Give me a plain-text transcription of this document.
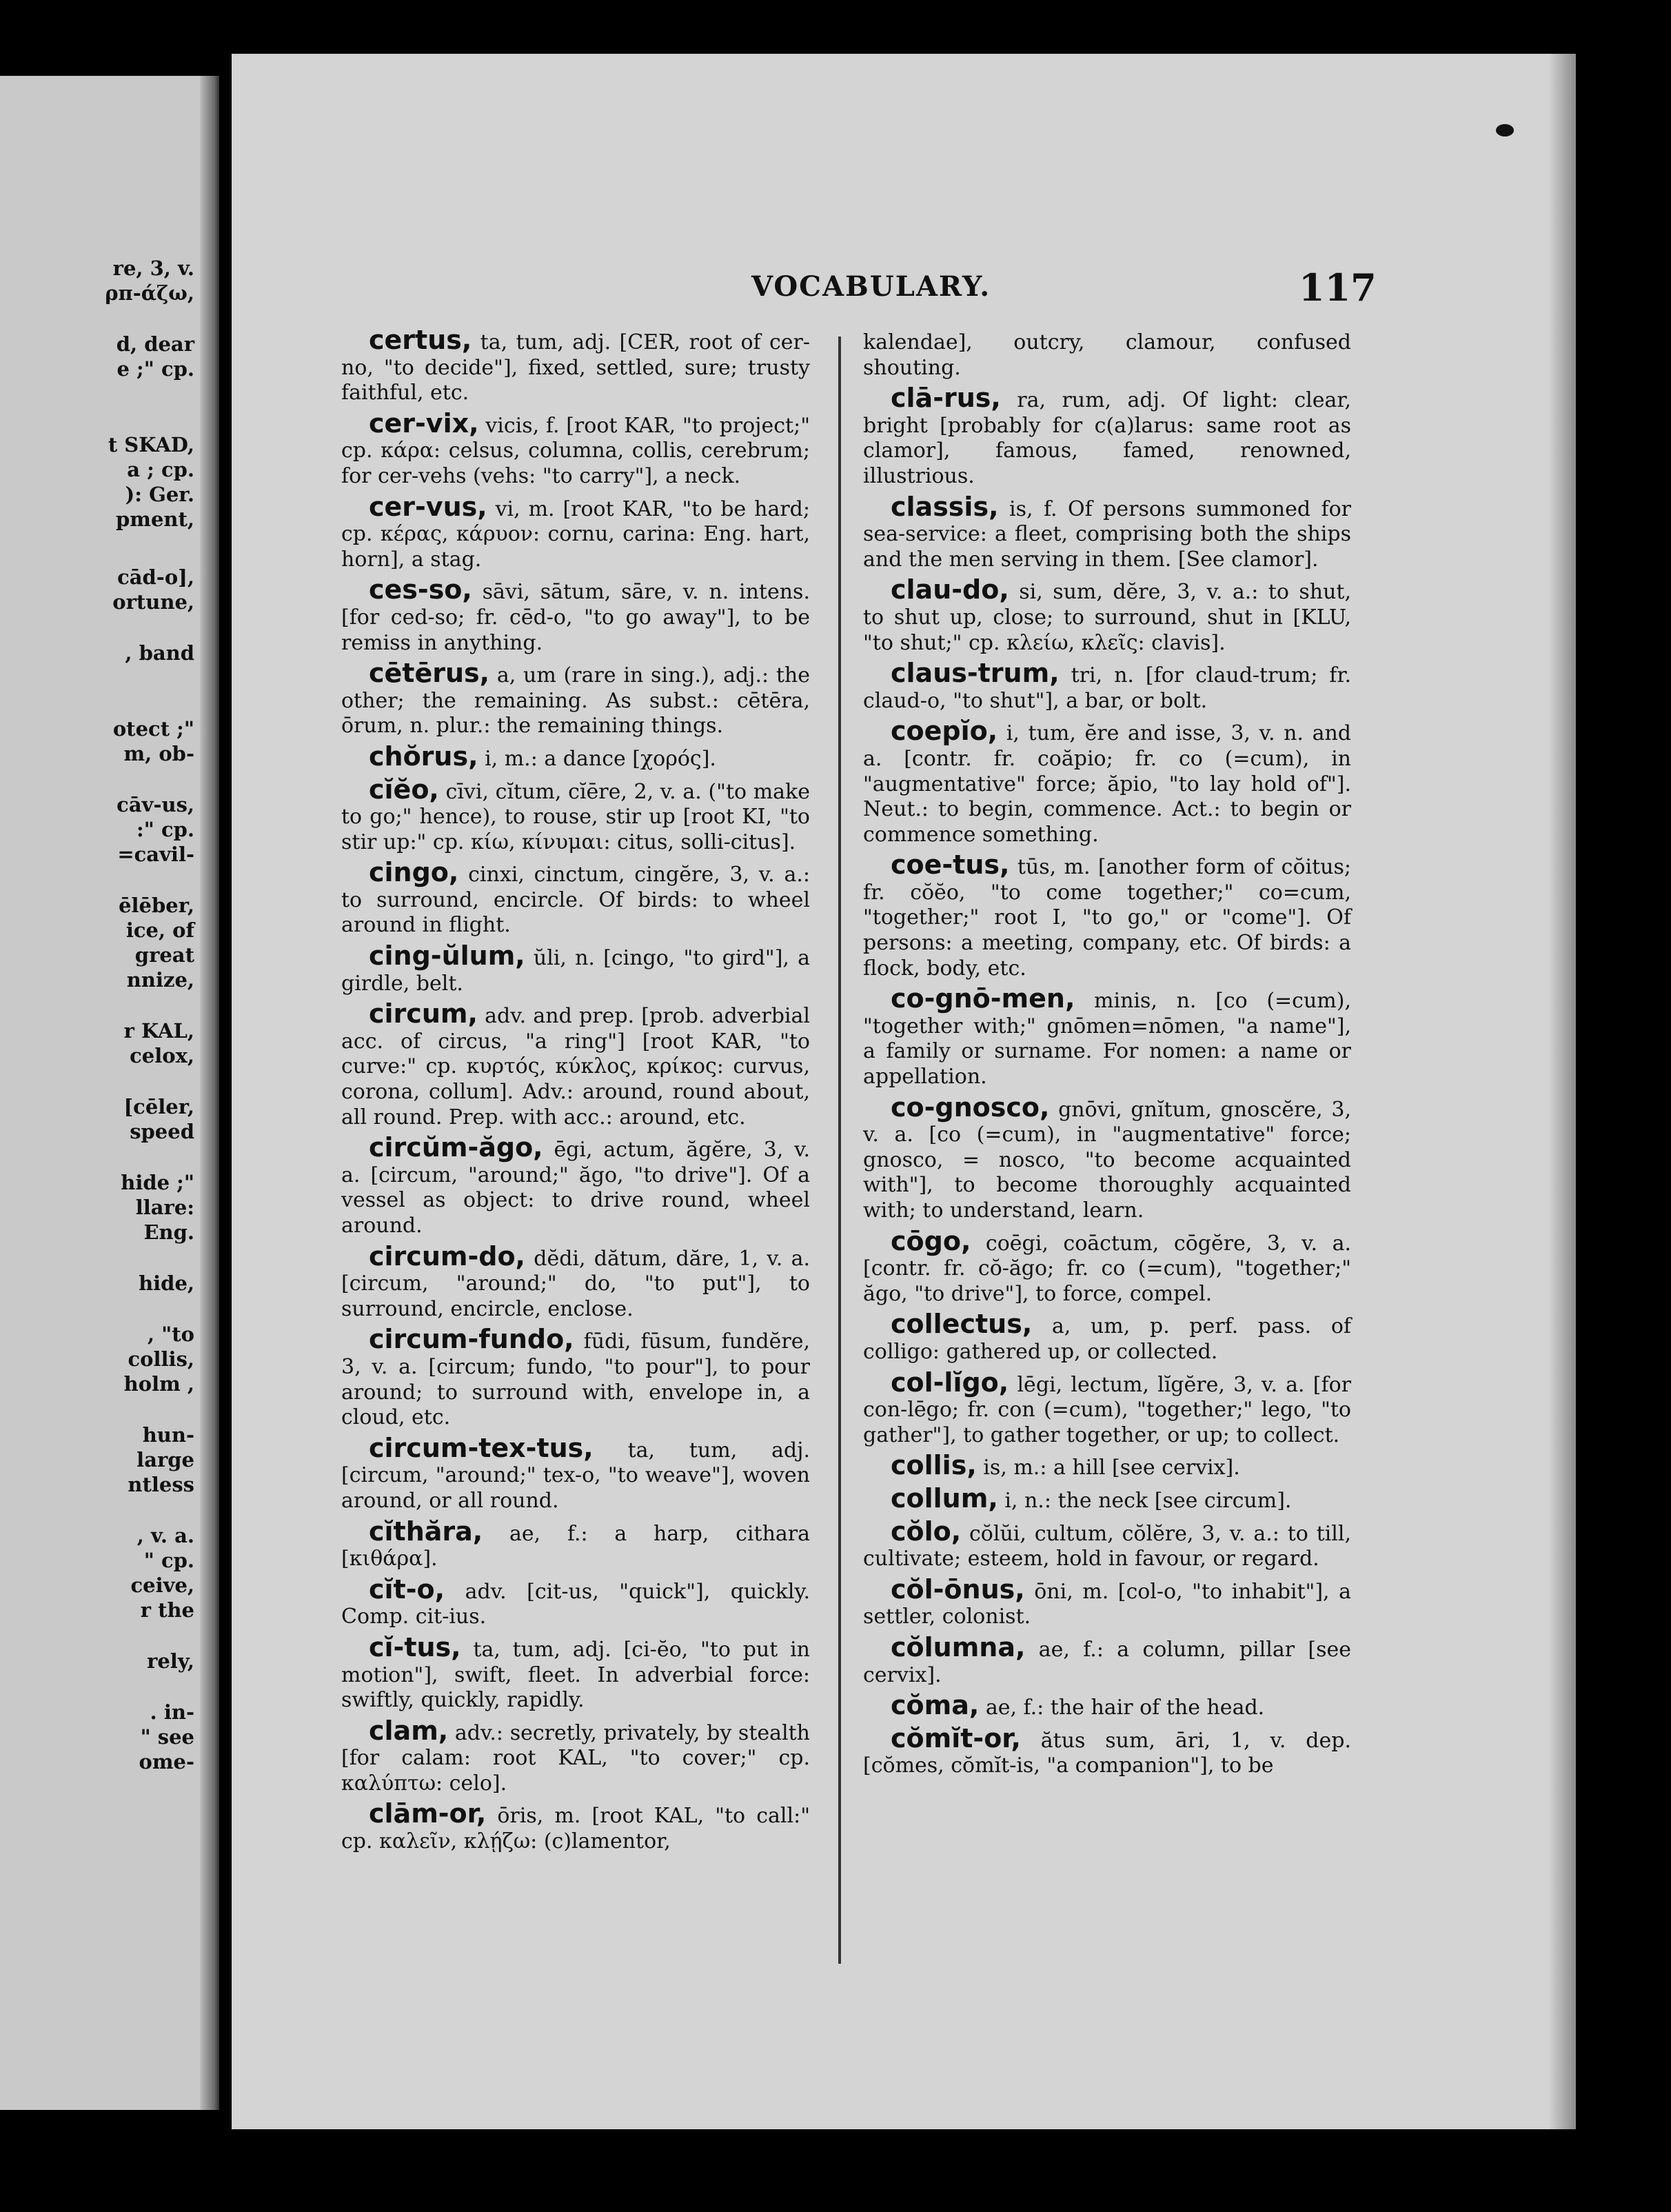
re, 3, v.
ρπ-άζω,
d, dear
e ;" cp.
t SKAD,
a ; cp.
): Ger.
pment,
cād-o],
ortune,
, band
otect ;"
m, ob-
cāv-us,
:" cp.
=cavil-
ēlēber,
ice, of
great
nnize,
r KAL,
celox,
[cēler,
speed
hide ;"
llare:
Eng.
hide,
, "to
collis,
holm ,
hun-
large
ntless
, v. a.
" cp.
ceive,
r the
rely,
. in-
" see
ome-
VOCABULARY.	117

certus, ta, tum, adj. [CER, root of cer-no, "to decide"], fixed, settled, sure; trusty faithful, etc.

cer-vix, vicis, f. [root KAR, "to project;" cp. κάρα: celsus, columna, collis, cerebrum; for cer-vehs (vehs: "to carry"], a neck.

cer-vus, vi, m. [root KAR, "to be hard; cp. κέρας, κάρυον: cornu, carina: Eng. hart, horn], a stag.

ces-so, sāvi, sātum, sāre, v. n. intens. [for ced-so; fr. cēd-o, "to go away"], to be remiss in anything.

cētērus, a, um (rare in sing.), adj.: the other; the remaining. As subst.: cētēra, ōrum, n. plur.: the remaining things.

chŏrus, i, m.: a dance [χορός].

cĭĕo, cīvi, cĭtum, cĭēre, 2, v. a. ("to make to go;" hence), to rouse, stir up [root KI, "to stir up:" cp. κίω, κίνυμαι: citus, solli-citus].

cingo, cinxi, cinctum, cingĕre, 3, v. a.: to surround, encircle. Of birds: to wheel around in flight.

cing-ŭlum, ŭli, n. [cingo, "to gird"], a girdle, belt.

circum, adv. and prep. [prob. adverbial acc. of circus, "a ring"] [root KAR, "to curve:" cp. κυρτός, κύκλος, κρίκος: curvus, corona, collum]. Adv.: around, round about, all round. Prep. with acc.: around, etc.

circŭm-ăgo, ēgi, actum, ăgĕre, 3, v. a. [circum, "around;" ăgo, "to drive"]. Of a vessel as object: to drive round, wheel around.

circum-do, dĕdi, dătum, dăre, 1, v. a. [circum, "around;" do, "to put"], to surround, encircle, enclose.

circum-fundo, fūdi, fūsum, fundĕre, 3, v. a. [circum; fundo, "to pour"], to pour around; to surround with, envelope in, a cloud, etc.

circum-tex-tus, ta, tum, adj. [circum, "around;" tex-o, "to weave"], woven around, or all round.

cĭthăra, ae, f.: a harp, cithara [κιθάρα].

cĭt-o, adv. [cit-us, "quick"], quickly. Comp. cit-ius.

cĭ-tus, ta, tum, adj. [ci-ĕo, "to put in motion"], swift, fleet. In adverbial force: swiftly, quickly, rapidly.

clam, adv.: secretly, privately, by stealth [for calam: root KAL, "to cover;" cp. καλύπτω: celo].

clām-or, ōris, m. [root KAL, "to call:" cp. καλεῖν, κλῄζω: (c)lamentor,

kalendae], outcry, clamour, confused shouting.

clā-rus, ra, rum, adj. Of light: clear, bright [probably for c(a)larus: same root as clamor], famous, famed, renowned, illustrious.

classis, is, f. Of persons summoned for sea-service: a fleet, comprising both the ships and the men serving in them. [See clamor].

clau-do, si, sum, dĕre, 3, v. a.: to shut, to shut up, close; to surround, shut in [KLU, "to shut;" cp. κλείω, κλεῖς: clavis].

claus-trum, tri, n. [for claud-trum; fr. claud-o, "to shut"], a bar, or bolt.

coepĭo, i, tum, ĕre and isse, 3, v. n. and a. [contr. fr. coăpio; fr. co (=cum), in "augmentative" force; ăpio, "to lay hold of"]. Neut.: to begin, commence. Act.: to begin or commence something.

coe-tus, tūs, m. [another form of cŏitus; fr. cŏĕo, "to come together;" co=cum, "together;" root I, "to go," or "come"]. Of persons: a meeting, company, etc. Of birds: a flock, body, etc.

co-gnō-men, minis, n. [co (=cum), "together with;" gnōmen=nōmen, "a name"], a family or surname. For nomen: a name or appellation.

co-gnosco, gnōvi, gnĭtum, gnoscĕre, 3, v. a. [co (=cum), in "augmentative" force; gnosco, = nosco, "to become acquainted with"], to become thoroughly acquainted with; to understand, learn.

cōgo, coēgi, coāctum, cōgĕre, 3, v. a. [contr. fr. cŏ-ăgo; fr. co (=cum), "together;" ăgo, "to drive"], to force, compel.

collectus, a, um, p. perf. pass. of colligo: gathered up, or collected.

col-lĭgo, lēgi, lectum, lĭgĕre, 3, v. a. [for con-lēgo; fr. con (=cum), "together;" lego, "to gather"], to gather together, or up; to collect.

collis, is, m.: a hill [see cervix].

collum, i, n.: the neck [see circum].

cŏlo, cŏlŭi, cultum, cŏlĕre, 3, v. a.: to till, cultivate; esteem, hold in favour, or regard.

cŏl-ōnus, ōni, m. [col-o, "to inhabit"], a settler, colonist.

cŏlumna, ae, f.: a column, pillar [see cervix].

cŏma, ae, f.: the hair of the head.

cŏmĭt-or, ătus sum, āri, 1, v. dep. [cŏmes, cŏmĭt-is, "a companion"], to be
